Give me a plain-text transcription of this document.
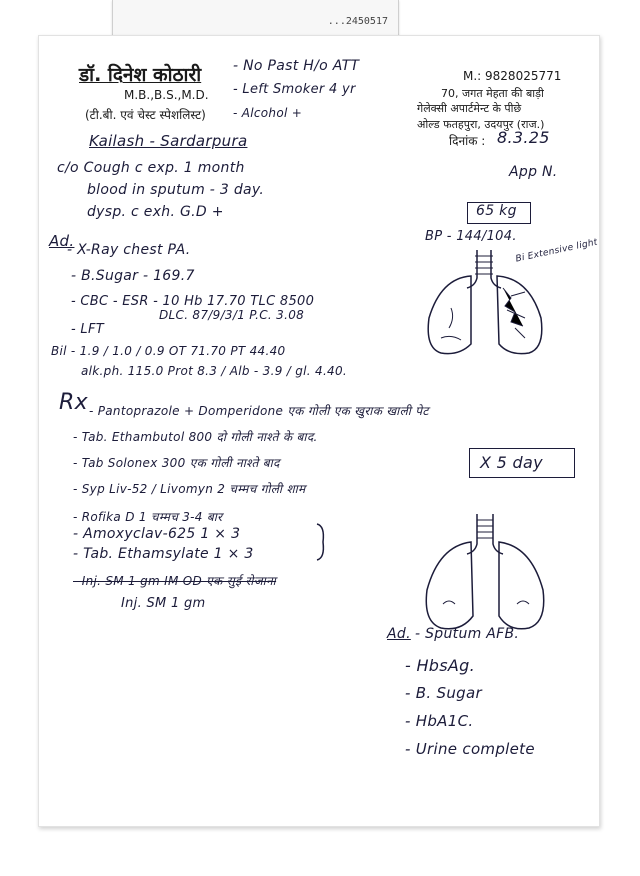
...2450517
डॉ. दिनेश कोठारी
M.B.,B.S.,M.D.
(टी.बी. एवं चेस्ट स्पेशलिस्ट)
- No Past H/o ATT
- Left Smoker 4 yr
- Alcohol +
M.: 9828025771
70, जगत मेहता की बाड़ी
गेलेक्सी अपार्टमेन्ट के पीछे
ओल्ड फतहपुरा, उदयपुर (राज.)
दिनांक : 8.3.25
Kailash - Sardarpura
App N.
c/o Cough c exp. 1 month
blood in sputum - 3 day.
dysp. c exh. G.D +	65 kg
BP - 144/104.
Bi Extensive light
Ad.
- X-Ray chest PA.
- B.Sugar - 169.7
- CBC - ESR - 10 Hb 17.70 TLC 8500
DLC. 87/9/3/1 P.C. 3.08
- LFT
Bil - 1.9 / 1.0 / 0.9 OT 71.70 PT 44.40
alk.ph. 115.0 Prot 8.3 / Alb - 3.9 / gl. 4.40.
Rx - Pantoprazole + Domperidone एक गोली एक खुराक खाली पेट
- Tab. Ethambutol 800 दो गोली नाश्ते के बाद.
- Tab Solonex 300 एक गोली नाश्ते बाद
- Syp Liv-52 / Livomyn 2 चम्मच गोली शाम
- Rofika D 1 चम्मच 3-4 बार
- Amoxyclav-625 1 × 3
- Tab. Ethamsylate 1 × 3
- Inj. SM 1 gm IM OD एक सुई रोजाना
Inj. SM 1 gm
X 5 day
Ad. - Sputum AFB.
- HbsAg.
- B. Sugar
- HbA1C.
- Urine complete
